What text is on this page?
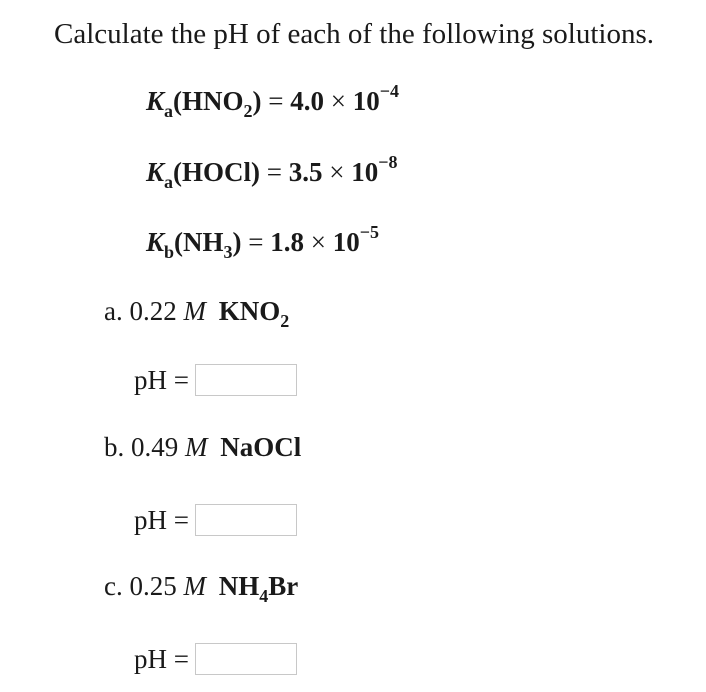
Calculate the pH of each of the following solutions.
$K_a(HNO_2) = 4.0 \times 10^{-4}$
$K_a(HOCl) = 3.5 \times 10^{-8}$
$K_b(NH_3) = 1.8 \times 10^{-5}$
a. 0.22 M $KNO_2$
pH =
b. 0.49 M NaOCl
pH =
c. 0.25 M $NH_4Br$
pH =
